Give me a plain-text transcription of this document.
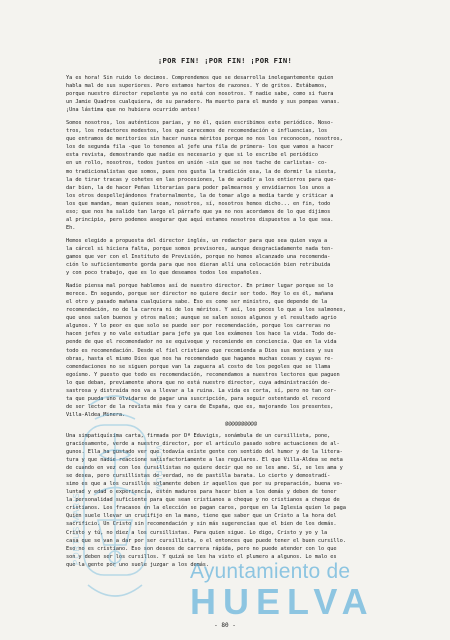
¡POR FIN! ¡POR FIN! ¡POR FIN!
Ya es hora! Sin ruido lo decimos. Comprendemos que se desarrolla inelegantemente quien
habla mal de sus superiores. Pero estamos hartos de razones. Y de gritos. Estábamos,
porque nuestro director repelente ya no está con nosotros. Y nadie sabe, como si fuera
un Jamie Quadros cualquiera, de su paradero. Ha muerto para el mundo y sus pompas vanas.
¡Una lástima que no hubiera ocurrido antes!
Somos nosotros, los auténticos parias, y no él, quien escribimos este periódico. Noso-
tros, los redactores modestos, los que carecemos de recomendación e influencias, los
que entramos de meritorios sin hacer nunca méritos porque no nos los reconocen, nosotros,
los de segunda fila -que lo tenemos al jefe una fila de primera- los que vamos a hacer
esta revista, demostrando que nadie es necesario y que si lo escribe el periódico
en un rollo, nosotros, todos juntos en unión -sin que se nos tache de carlistas- co-
mo tradicionalistas que somos, pues nos gusta la tradición esa, la de dormir la siesta,
la de tirar tracas y cohetes en las procesiones, la de acudir a los entierros para que-
dar bien, la de hacer Peñas literarias para poder palmearnos y envidiarnos los unos a
los otros despellejándonos fraternalmente, la de tomar algo a media tarde y criticar a
los que mandan, mean quienes sean, nosotros, sí, nosotros hemos dicho... en fin, todo
eso; que nos ha salido tan largo el párrafo que ya no nos acordamos de lo que dijimos
al principio, pero podemos asegurar que aquí estamos nosotros dispuestos a lo que sea.
Eh.
Hemos elegido a propuesta del director inglés, un redactor para que sea quien vaya a
la cárcel si hiciera falta, porque somos previsores, aunque desgraciadamente nada ten-
gamos que ver con el Instituto de Previsión, porque no hemos alcanzado una recomenda-
ción lo suficientemente gorda para que nos dieran allí una colocación bien retribuida
y con poco trabajo, que es lo que deseamos todos los españoles.
Nadie piensa mal porque hablemos así de nuestro director. En primer lugar porque se lo
merece. En segundo, porque ser director no quiere decir ser todo. Hoy lo es él, mañana
el otro y pasado mañana cualquiera sabe. Eso es como ser ministro, que depende de la
recomendación, no de la carrera ni de los méritos. Y así, los peces lo que a los salmones,
que unos salen buenos y otros malos; aunque se salen sosos algunos y el resultado agrio
algunos. Y lo peor es que solo se puede ser por recomendación, porque los carreras no
hacen jefes y no vale estudiar para jefe ya que los exámenes los hace la vida. Todo de-
pende de que el recomendador no se equivoque y recomiende en conciencia. Que en la vida
todo es recomendación. Desde el fiel cristiano que recomienda a Dios sus monises y sus
obras, hasta el mismo Dios que nos ha recomendado que hagamos muchas cosas y cuyas re-
comendaciones no se siguen porque van la zaguera al costo de los pegoles que se llama
egoísmo. Y puesto que todo es recomendación, recomendamos a nuestros lectores que paguen
lo que deban, previamente ahora que no está nuestro director, cuya administración de-
sastrosa y distraída nos va a llevar a la ruina. La vida es corta, sí, pero no tan cor-
ta que pueda uno olvidarse de pagar una suscripción, para seguir ostentando el record
de ser lector de la revista más fea y cara de España, que es, majorando los presentes,
Villa-Aldea Minera.
@@@@@@@@@@
Una simpatiquísima carta, firmada por Dª Eduvigis, sonámbula de un cursillista, pone,
graciosamente, verde a nuestro director, por el artículo pasado sobre actuaciones de al-
gunos. Ella ha gustado ver que todavía existe gente con sentido del humor y de la litera-
tura y que nadie reaccione satisfactoriamente a las regulares. El que Villa-Aldea se meta
de cuando en vez con los cursillistas no quiere decir que no se les ame. Sí, se les ama y
se desea, pero cursillistas de verdad, no de pastilla barata. Lo cierto y demostradí-
simo es que a los cursillos solamente deben ir aquellos que por su preparación, buena vo-
luntad y edad o experiencia, estén maduros para hacer bien a los demás y deben de tener
la personalidad suficiente para que sean cristianos a cheque y no cristianos a cheque de
cristianos. Los fracasos en la elección se pagan caros, porque en la Iglesia quien le paga
Quien suele llevar un crucifijo en la mano, tiene que saber que un Cristo a la hora del
sacrificio. Un Cristo sin recomendación y sin más sugerencias que el bien de los demás.
Cristo y tú, no diez a los cursillistas. Para quien sigue. Lo digo, Cristo y yo y la
casa que se van a dar por ser cursillista, o el entonces que puede tener el buen cursillo.
Eso no es cristiano. Eso son deseos de carrera rápida, pero no puede atender con lo que
son y deben ser los cursillos. Y quizá se les ha visto el plumero a algunos. Lo malo es
que la gente por uno suele juzgar a los demás.
- 80 -
PORTUS MARIS
VOSTRUM
Ayuntamiento de
HUELVA
